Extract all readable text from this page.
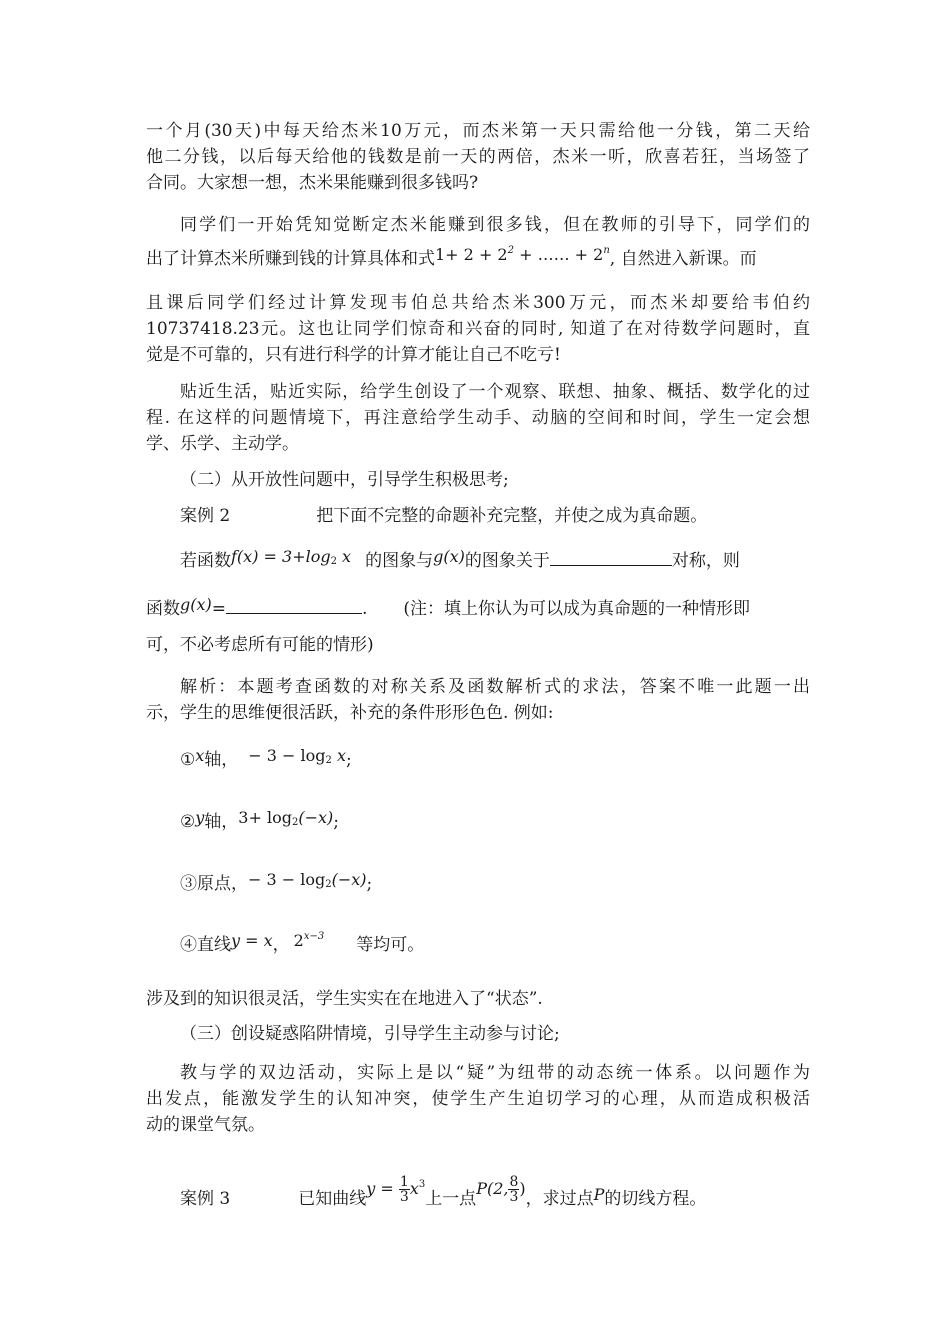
一个月(30天)中每天给杰米10万元，而杰米第一天只需给他一分钱，第二天给
他二分钱，以后每天给他的钱数是前一天的两倍，杰米一听，欣喜若狂，当场签了
合同。大家想一想，杰米果能赚到很多钱吗?
同学们一开始凭知觉断定杰米能赚到很多钱，但在教师的引导下，同学们的
出了计算杰米所赚到钱的计算具体和式$1+ 2 + 2^2$ + …… + $2^n$, 自然进入新课。而
且课后同学们经过计算发现韦伯总共给杰米300万元，而杰米却要给韦伯约
10737418.23元。这也让同学们惊奇和兴奋的同时, 知道了在对待数学问题时，直
觉是不可靠的，只有进行科学的计算才能让自己不吃亏!
贴近生活，贴近实际，给学生创设了一个观察、联想、抽象、概括、数学化的过
程. 在这样的问题情境下，再注意给学生动手、动脑的空间和时间，学生一定会想
学、乐学、主动学。
（二）从开放性问题中，引导学生积极思考;
案例 2	把下面不完整的命题补充完整，并使之成为真命题。
若函数$f(x) = 3+\log_2$ x 的图象与g(x)的图象关于	对称，则
函数g(x)=	. (注：填上你认为可以成为真命题的一种情形即
可，不必考虑所有可能的情形)
解析：本题考查函数的对称关系及函数解析式的求法，答案不唯一此题一出
示，学生的思维便很活跃，补充的条件形形色色. 例如:
①x轴， − $3 - \log_2 x$;
②y轴，$3+ \log_2(-x)$;
③原点，− $3 - \log_2(-x)$;
④直线y = x， $2^{x-3}$ 等均可。
涉及到的知识很灵活，学生实实在在地进入了“状态”.
（三）创设疑惑陷阱情境，引导学生主动参与讨论;
教与学的双边活动，实际上是以“疑”为纽带的动态统一体系。以问题作为
出发点，能激发学生的认知冲突，使学生产生迫切学习的心理，从而造成积极活
动的课堂气氛。
案例 3	已知曲线$y = \frac{1}{3} x^3$上一点P(2, $\frac{8}{3}$ )，求过点P的切线方程。
